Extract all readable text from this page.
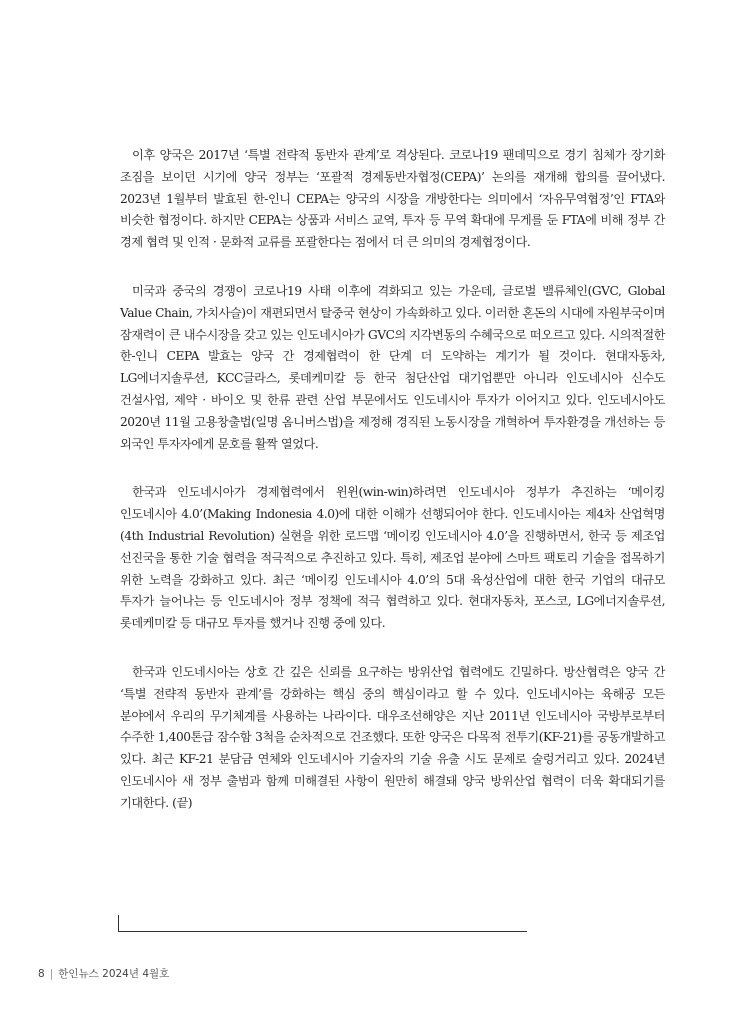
이후 양국은 2017년 ‘특별 전략적 동반자 관계’로 격상된다. 코로나19 팬데믹으로 경기 침체가 장기화 조짐을 보이던 시기에 양국 정부는 ‘포괄적 경제동반자협정(CEPA)’ 논의를 재개해 합의를 끌어냈다. 2023년 1월부터 발효된 한-인니 CEPA는 양국의 시장을 개방한다는 의미에서 ‘자유무역협정’인 FTA와 비슷한 협정이다. 하지만 CEPA는 상품과 서비스 교역, 투자 등 무역 확대에 무게를 둔 FTA에 비해 정부 간 경제 협력 및 인적 · 문화적 교류를 포괄한다는 점에서 더 큰 의미의 경제협정이다.

미국과 중국의 경쟁이 코로나19 사태 이후에 격화되고 있는 가운데, 글로벌 밸류체인(GVC, Global Value Chain, 가치사슬)이 재편되면서 탈중국 현상이 가속화하고 있다. 이러한 혼돈의 시대에 자원부국이며 잠재력이 큰 내수시장을 갖고 있는 인도네시아가 GVC의 지각변동의 수혜국으로 떠오르고 있다. 시의적절한 한-인니 CEPA 발효는 양국 간 경제협력이 한 단계 더 도약하는 계기가 될 것이다. 현대자동차, LG에너지솔루션, KCC글라스, 롯데케미칼 등 한국 첨단산업 대기업뿐만 아니라 인도네시아 신수도 건설사업, 제약 · 바이오 및 한류 관련 산업 부문에서도 인도네시아 투자가 이어지고 있다. 인도네시아도 2020년 11월 고용창출법(일명 옴니버스법)을 제정해 경직된 노동시장을 개혁하여 투자환경을 개선하는 등 외국인 투자자에게 문호를 활짝 열었다.

한국과 인도네시아가 경제협력에서 윈윈(win-win)하려면 인도네시아 정부가 추진하는 ‘메이킹 인도네시아 4.0’(Making Indonesia 4.0)에 대한 이해가 선행되어야 한다. 인도네시아는 제4차 산업혁명(4th Industrial Revolution) 실현을 위한 로드맵 ‘메이킹 인도네시아 4.0’을 진행하면서, 한국 등 제조업 선진국을 통한 기술 협력을 적극적으로 추진하고 있다. 특히, 제조업 분야에 스마트 팩토리 기술을 접목하기 위한 노력을 강화하고 있다. 최근 ‘메이킹 인도네시아 4.0’의 5대 육성산업에 대한 한국 기업의 대규모 투자가 늘어나는 등 인도네시아 정부 정책에 적극 협력하고 있다. 현대자동차, 포스코, LG에너지솔루션, 롯데케미칼 등 대규모 투자를 했거나 진행 중에 있다.

한국과 인도네시아는 상호 간 깊은 신뢰를 요구하는 방위산업 협력에도 긴밀하다. 방산협력은 양국 간 ‘특별 전략적 동반자 관계’를 강화하는 핵심 중의 핵심이라고 할 수 있다. 인도네시아는 육해공 모든 분야에서 우리의 무기체계를 사용하는 나라이다. 대우조선해양은 지난 2011년 인도네시아 국방부로부터 수주한 1,400톤급 잠수함 3척을 순차적으로 건조했다. 또한 양국은 다목적 전투기(KF-21)를 공동개발하고 있다. 최근 KF-21 분담금 연체와 인도네시아 기술자의 기술 유출 시도 문제로 술렁거리고 있다. 2024년 인도네시아 새 정부 출범과 함께 미해결된 사항이 원만히 해결돼 양국 방위산업 협력이 더욱 확대되기를 기대한다. (끝)

8 | 한인뉴스 2024년 4월호
